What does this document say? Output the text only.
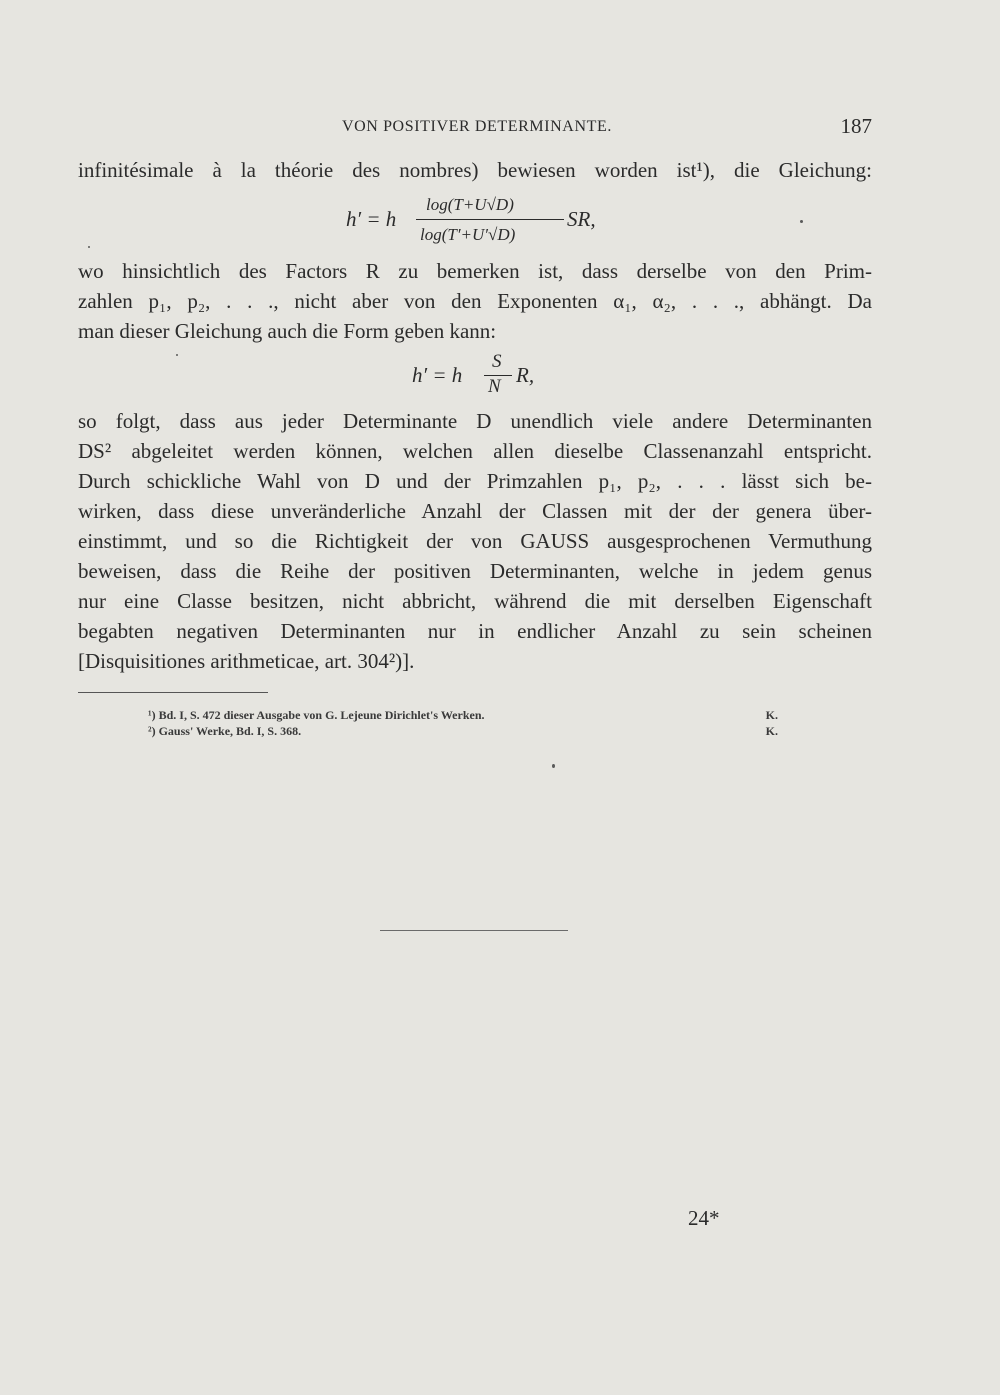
VON POSITIVER DETERMINANTE.	187
infinitésimale à la théorie des nombres) bewiesen worden ist¹), die Gleichung:
h′ = h
log(T+U√D)
log(T′+U′√D)
SR,
wo hinsichtlich des Factors R zu bemerken ist, dass derselbe von den Prim-
zahlen p₁, p₂, . . ., nicht aber von den Exponenten α₁, α₂, . . ., abhängt. Da
man dieser Gleichung auch die Form geben kann:
h′ = h
S
N R,
so folgt, dass aus jeder Determinante D unendlich viele andere Determinanten
DS² abgeleitet werden können, welchen allen dieselbe Classenanzahl entspricht.
Durch schickliche Wahl von D und der Primzahlen p₁, p₂, . . . lässt sich be-
wirken, dass diese unveränderliche Anzahl der Classen mit der der genera über-
einstimmt, und so die Richtigkeit der von GAUSS ausgesprochenen Vermuthung
beweisen, dass die Reihe der positiven Determinanten, welche in jedem genus
nur eine Classe besitzen, nicht abbricht, während die mit derselben Eigenschaft
begabten negativen Determinanten nur in endlicher Anzahl zu sein scheinen
[Disquisitiones arithmeticae, art. 304²)].
¹) Bd. I, S. 472 dieser Ausgabe von G. Lejeune Dirichlet's Werken.	K.
²) Gauss' Werke, Bd. I, S. 368.	K.
24*
